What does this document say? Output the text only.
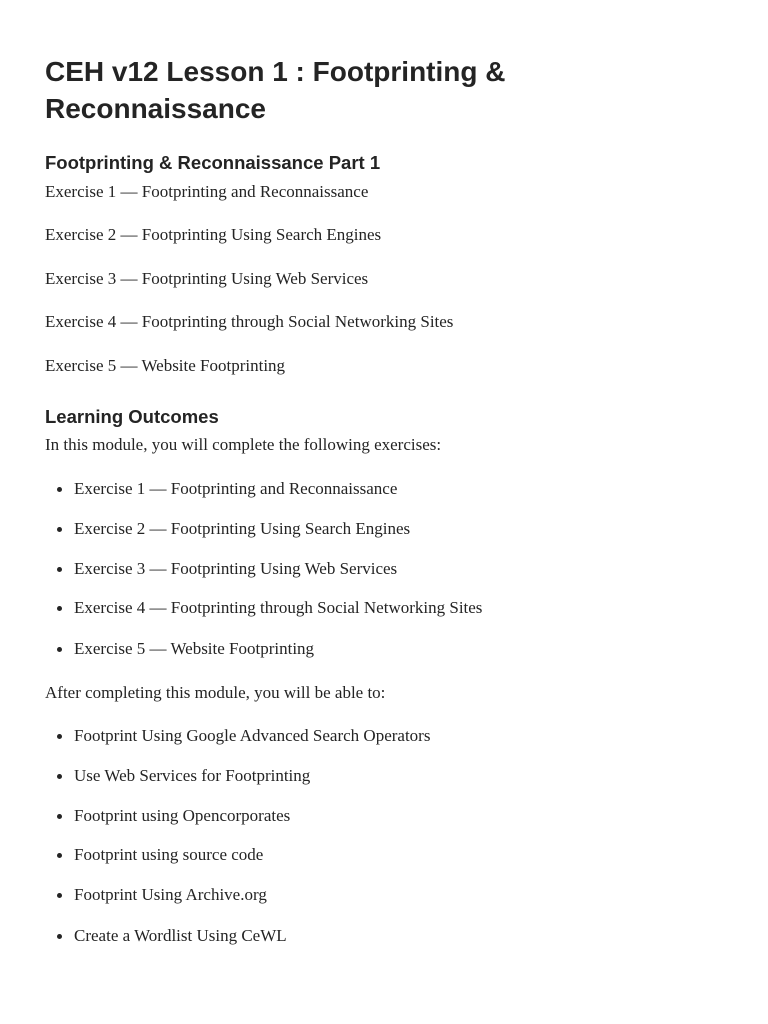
CEH v12 Lesson 1 : Footprinting & Reconnaissance
Footprinting & Reconnaissance Part 1

Exercise 1 — Footprinting and Reconnaissance

Exercise 2 — Footprinting Using Search Engines

Exercise 3 — Footprinting Using Web Services

Exercise 4 — Footprinting through Social Networking Sites

Exercise 5 — Website Footprinting

Learning Outcomes

In this module, you will complete the following exercises:

Exercise 1 — Footprinting and Reconnaissance
Exercise 2 — Footprinting Using Search Engines
Exercise 3 — Footprinting Using Web Services
Exercise 4 — Footprinting through Social Networking Sites
Exercise 5 — Website Footprinting

After completing this module, you will be able to:

Footprint Using Google Advanced Search Operators
Use Web Services for Footprinting
Footprint using Opencorporates
Footprint using source code
Footprint Using Archive.org
Create a Wordlist Using CeWL
